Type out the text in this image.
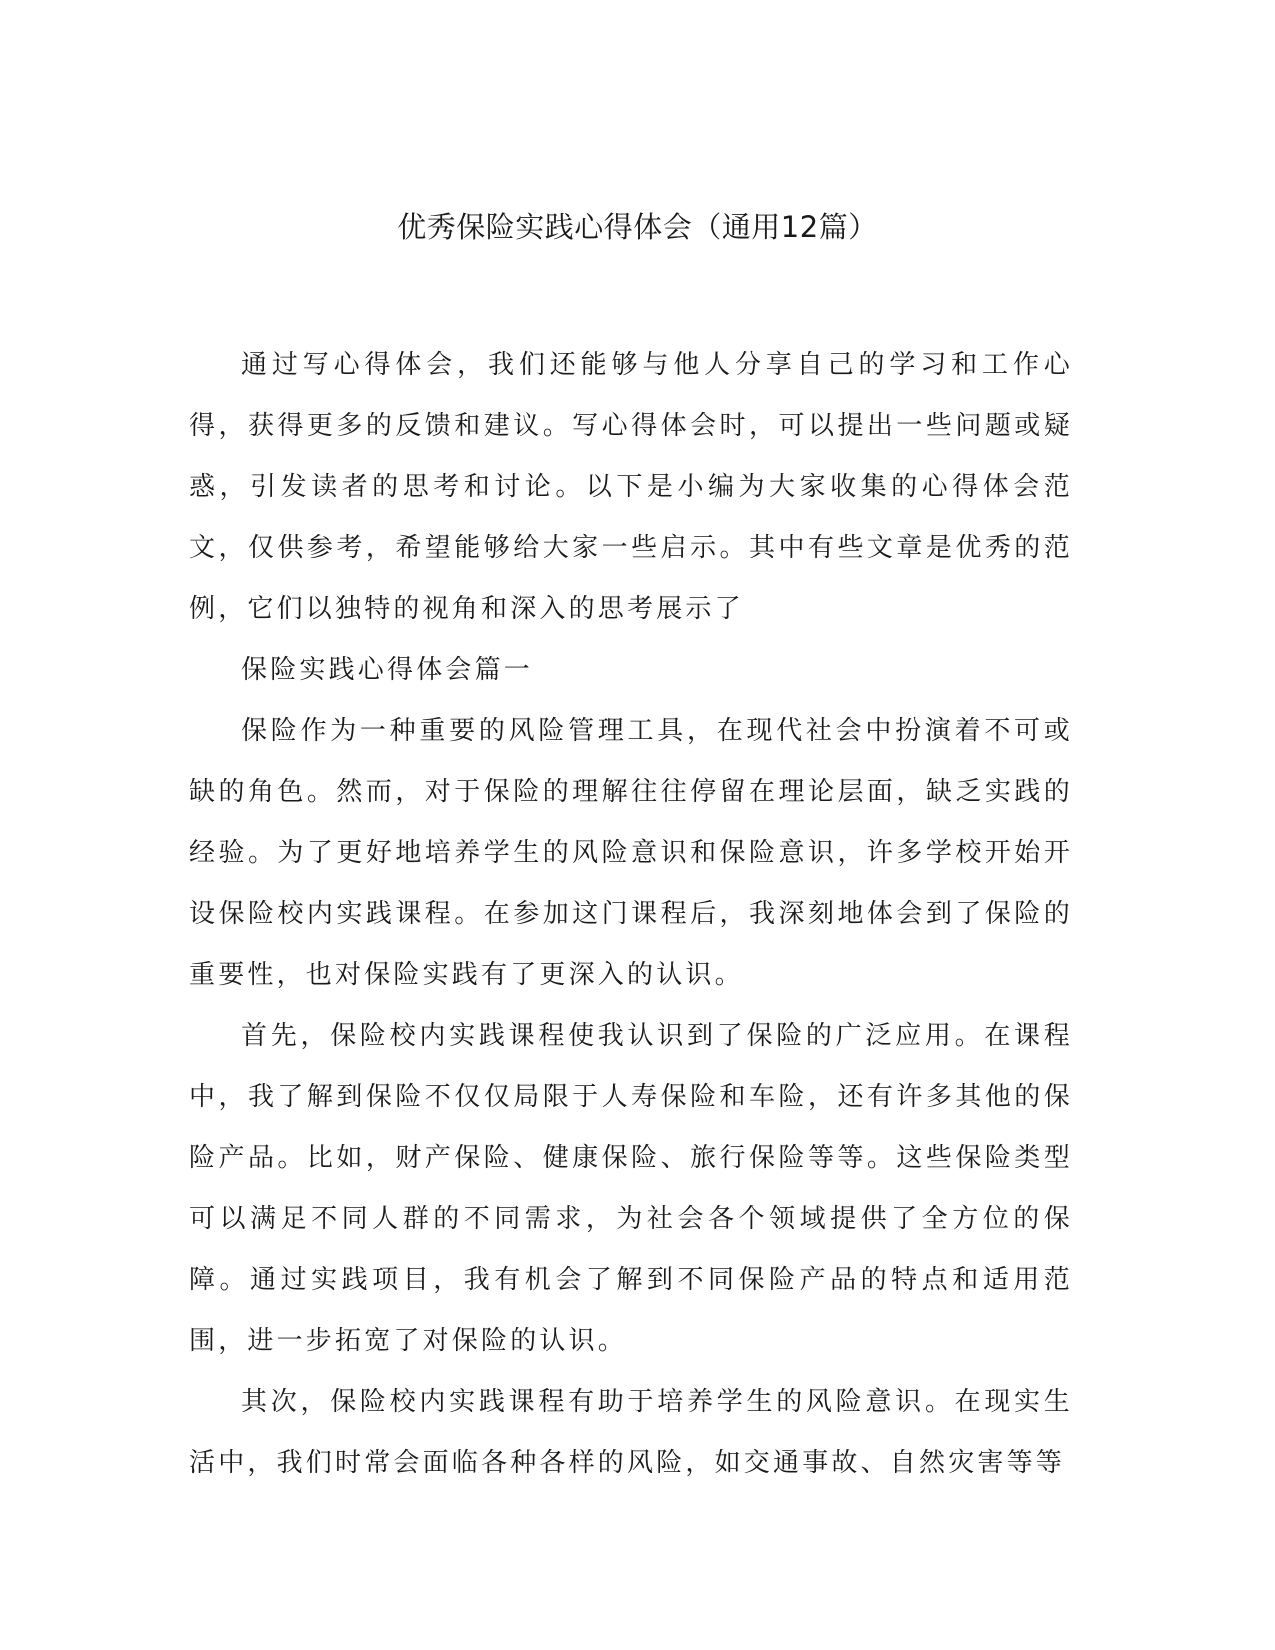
优秀保险实践心得体会（通用12篇）

通过写心得体会，我们还能够与他人分享自己的学习和工作心得，获得更多的反馈和建议。写心得体会时，可以提出一些问题或疑惑，引发读者的思考和讨论。以下是小编为大家收集的心得体会范文，仅供参考，希望能够给大家一些启示。其中有些文章是优秀的范例，它们以独特的视角和深入的思考展示了

保险实践心得体会篇一

保险作为一种重要的风险管理工具，在现代社会中扮演着不可或缺的角色。然而，对于保险的理解往往停留在理论层面，缺乏实践的经验。为了更好地培养学生的风险意识和保险意识，许多学校开始开设保险校内实践课程。在参加这门课程后，我深刻地体会到了保险的重要性，也对保险实践有了更深入的认识。

首先，保险校内实践课程使我认识到了保险的广泛应用。在课程中，我了解到保险不仅仅局限于人寿保险和车险，还有许多其他的保险产品。比如，财产保险、健康保险、旅行保险等等。这些保险类型可以满足不同人群的不同需求，为社会各个领域提供了全方位的保障。通过实践项目，我有机会了解到不同保险产品的特点和适用范围，进一步拓宽了对保险的认识。

其次，保险校内实践课程有助于培养学生的风险意识。在现实生活中，我们时常会面临各种各样的风险，如交通事故、自然灾害等等
